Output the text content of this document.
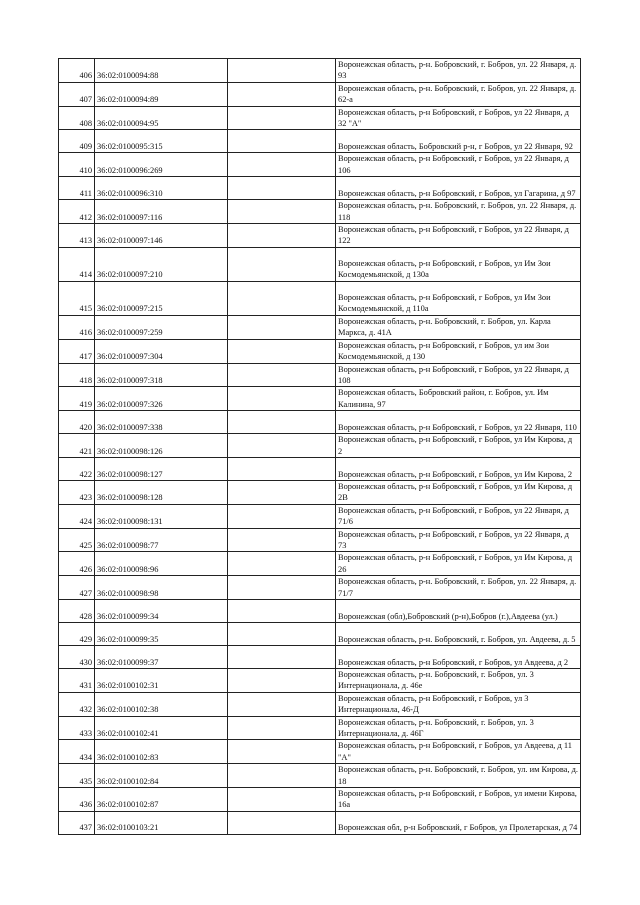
406	36:02:0100094:88		Воронежская область, р-н. Бобровский, г. Бобров, ул. 22 Января, д. 93
407	36:02:0100094:89		Воронежская область, р-н. Бобровский, г. Бобров, ул. 22 Января, д. 62-а
408	36:02:0100094:95		Воронежская область, р-н Бобровский, г Бобров, ул 22 Января, д 32 "А"
409	36:02:0100095:315		Воронежская область, Бобровский р-н, г Бобров, ул 22 Января, 92
410	36:02:0100096:269		Воронежская область, р-н Бобровский, г Бобров, ул 22 Января, д 106
411	36:02:0100096:310		Воронежская область, р-н Бобровский, г Бобров, ул Гагарина, д 97
412	36:02:0100097:116		Воронежская область, р-н. Бобровский, г. Бобров, ул. 22 Января, д. 118
413	36:02:0100097:146		Воронежская область, р-н Бобровский, г Бобров, ул 22 Января, д 122
414	36:02:0100097:210		Воронежская область, р-н Бобровский, г Бобров, ул Им Зои Космодемьянской, д 130а
415	36:02:0100097:215		Воронежская область, р-н Бобровский, г Бобров, ул Им Зои Космодемьянской, д 110а
416	36:02:0100097:259		Воронежская область, р-н. Бобровский, г. Бобров, ул. Карла Маркса, д. 41А
417	36:02:0100097:304		Воронежская область, р-н Бобровский, г Бобров, ул им Зои Космодемьянской, д 130
418	36:02:0100097:318		Воронежская область, р-н Бобровский, г Бобров, ул 22 Января, д 108
419	36:02:0100097:326		Воронежская область, Бобровский район, г. Бобров, ул. Им Калинина, 97
420	36:02:0100097:338		Воронежская область, р-н Бобровский, г Бобров, ул 22 Января, 110
421	36:02:0100098:126		Воронежская область, р-н Бобровский, г Бобров, ул Им Кирова, д 2
422	36:02:0100098:127		Воронежская область, р-н Бобровский, г Бобров, ул Им Кирова, 2
423	36:02:0100098:128		Воронежская область, р-н Бобровский, г Бобров, ул Им Кирова, д 2В
424	36:02:0100098:131		Воронежская область, р-н Бобровский, г Бобров, ул 22 Января, д 71/6
425	36:02:0100098:77		Воронежская область, р-н Бобровский, г Бобров, ул 22 Января, д 73
426	36:02:0100098:96		Воронежская область, р-н Бобровский, г Бобров, ул Им Кирова, д 26
427	36:02:0100098:98		Воронежская область, р-н. Бобровский, г. Бобров, ул. 22 Января, д. 71/7
428	36:02:0100099:34		Воронежская (обл),Бобровский (р-н),Бобров (г.),Авдеева (ул.)
429	36:02:0100099:35		Воронежская область, р-н. Бобровский, г. Бобров, ул. Авдеева, д. 5
430	36:02:0100099:37		Воронежская область, р-н Бобровский, г Бобров, ул Авдеева, д 2
431	36:02:0100102:31		Воронежская область, р-н. Бобровский, г. Бобров, ул. 3 Интернационала, д. 46е
432	36:02:0100102:38		Воронежская область, р-н Бобровский, г Бобров, ул 3 Интернационала, 46-Д
433	36:02:0100102:41		Воронежская область, р-н. Бобровский, г. Бобров, ул. 3 Интернационала, д. 46Г
434	36:02:0100102:83		Воронежская область, р-н Бобровский, г Бобров, ул Авдеева, д 11 "А"
435	36:02:0100102:84		Воронежская область, р-н. Бобровский, г. Бобров, ул. им Кирова, д. 18
436	36:02:0100102:87		Воронежская область, р-н Бобровский, г Бобров, ул имени Кирова, 16а
437	36:02:0100103:21		Воронежская обл, р-н Бобровский, г Бобров, ул Пролетарская, д 74
